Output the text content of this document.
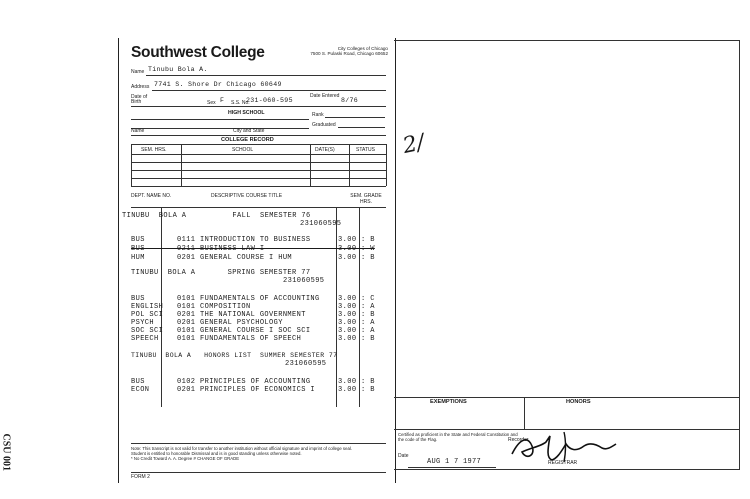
CSU 001
Southwest College	City Colleges of Chicago
7500 S. Pulaski Road, Chicago 60652
Name Tinubu Bola A.
Address 7741 S. Shore Dr Chicago 60649
Date of Birth	Sex F S.S. No.
231-060-595
Date Entered
8/76
HIGH SCHOOL	Rank
Graduated
Name	City and State
COLLEGE RECORD
SEM. HRS.	SCHOOL	DATE(S)	STATUS
DEPT. NAME NO.	DESCRIPTIVE COURSE TITLE	SEM. GRADE HRS.
TINUBU  BOLA A          FALL  SEMESTER 76
231060595
BUS       0111 INTRODUCTION TO BUSINESS      3.00 : B
BUS       0211 BUSINESS LAW I                3.00 : W
HUM       0201 GENERAL COURSE I HUM          3.00 : B
TINUBU  BOLA A       SPRING SEMESTER 77
231060595
BUS       0101 FUNDAMENTALS OF ACCOUNTING    3.00 : C
ENGLISH   0101 COMPOSITION                   3.00 : A
POL SCI   0201 THE NATIONAL GOVERNMENT       3.00 : B
PSYCH     0201 GENERAL PSYCHOLOGY            3.00 : A
SOC SCI   0101 GENERAL COURSE I SOC SCI      3.00 : A
SPEECH    0101 FUNDAMENTALS OF SPEECH        3.00 : B
TINUBU  BOLA A   HONORS LIST  SUMMER SEMESTER 77
231060595
BUS       0102 PRINCIPLES OF ACCOUNTING      3.00 : B
ECON      0201 PRINCIPLES OF ECONOMICS I     3.00 : B
Note: This transcript is not valid for transfer to another institution without official signature and imprint of college seal.
Student is entitled to honorable Dismissal and is in good standing unless otherwise noted.
* No Credit Toward A. A. Degree # CHANGE OF GRADE
FORM 2
EXEMPTIONS	HONORS
Certified as proficient in the State and Federal Constitution and the code of the Flag.	Recorder
Date
AUG 1 7 1977	REGISTRAR
2/
